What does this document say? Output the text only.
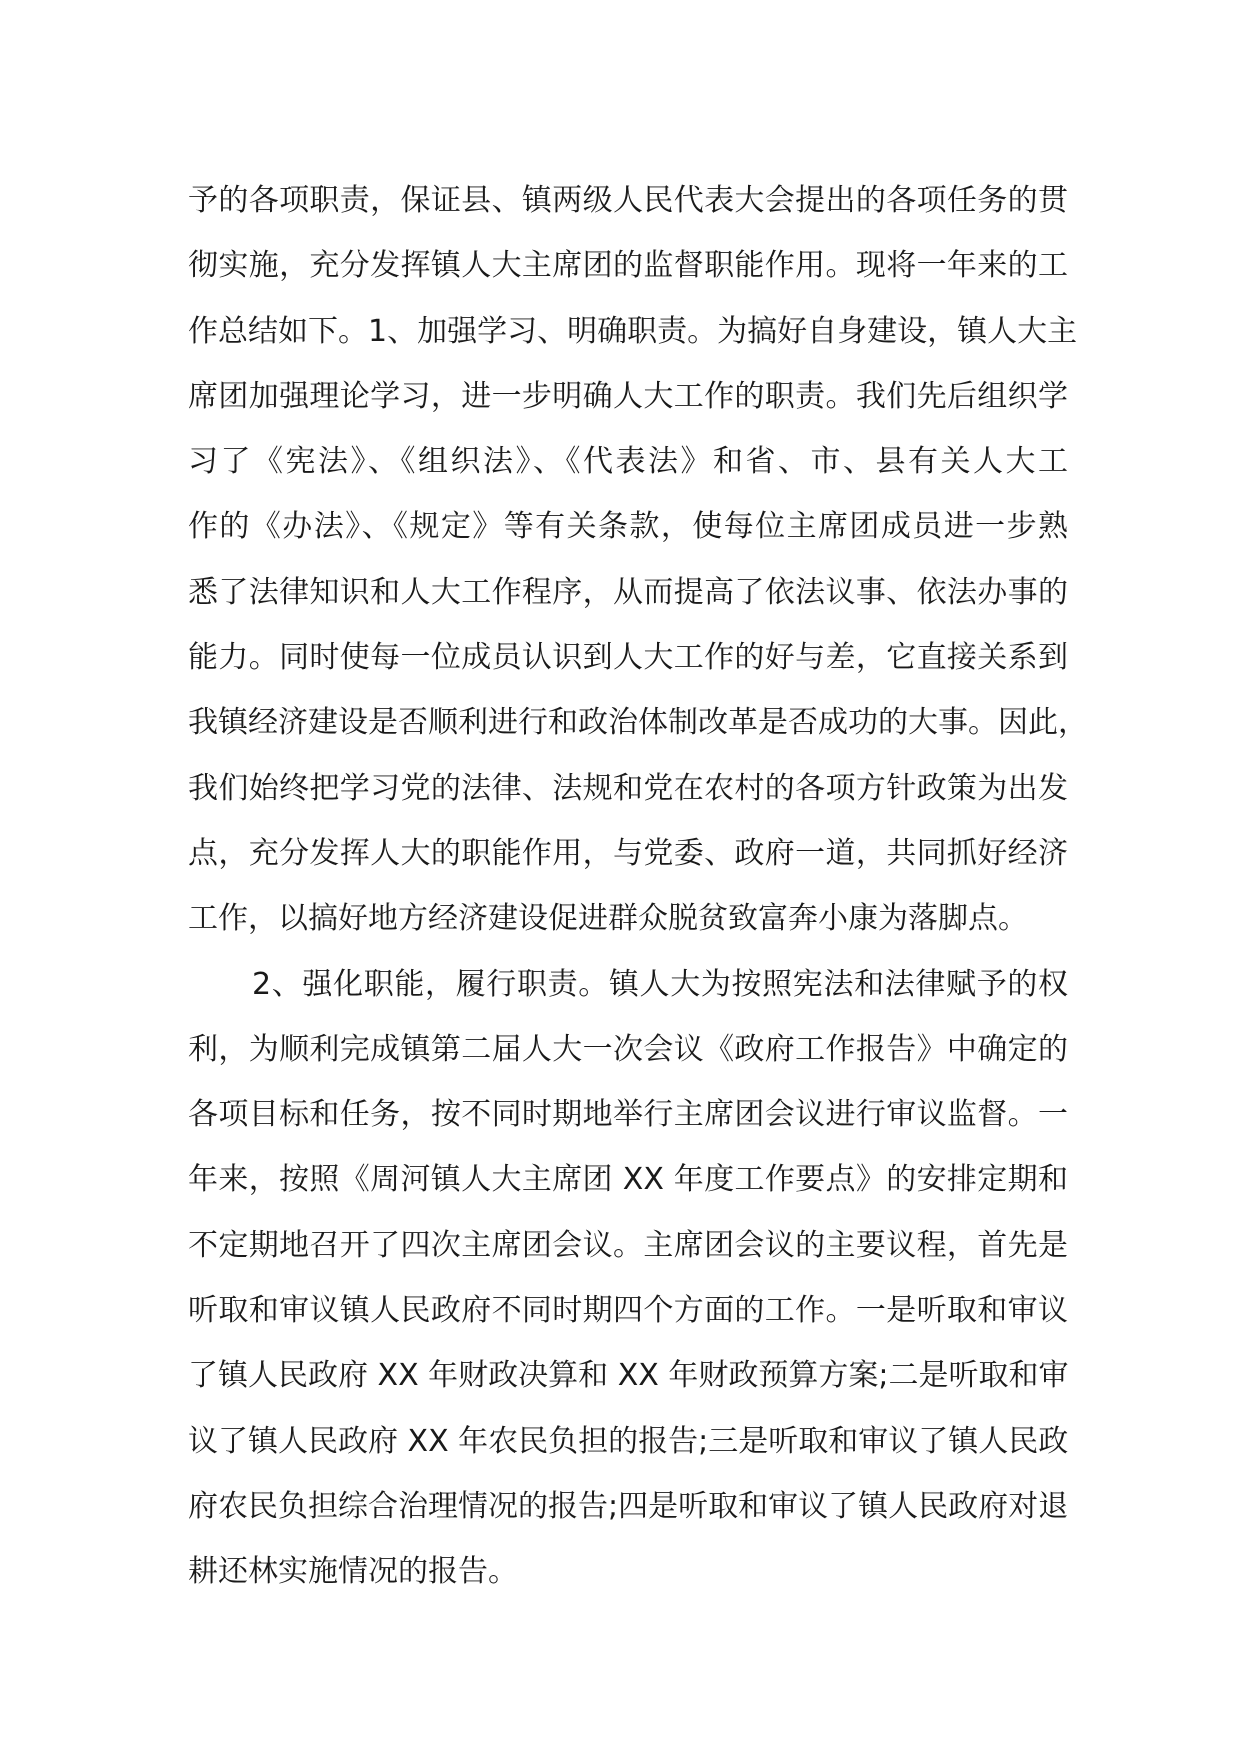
予的各项职责，保证县、镇两级人民代表大会提出的各项任务的贯
彻实施，充分发挥镇人大主席团的监督职能作用。现将一年来的工
作总结如下。1、加强学习、明确职责。为搞好自身建设，镇人大主
席团加强理论学习，进一步明确人大工作的职责。我们先后组织学
习了《宪法》、《组织法》、《代表法》和省、市、县有关人大工
作的《办法》、《规定》等有关条款，使每位主席团成员进一步熟
悉了法律知识和人大工作程序，从而提高了依法议事、依法办事的
能力。同时使每一位成员认识到人大工作的好与差，它直接关系到
我镇经济建设是否顺利进行和政治体制改革是否成功的大事。因此，
我们始终把学习党的法律、法规和党在农村的各项方针政策为出发
点，充分发挥人大的职能作用，与党委、政府一道，共同抓好经济
工作，以搞好地方经济建设促进群众脱贫致富奔小康为落脚点。
2、强化职能，履行职责。镇人大为按照宪法和法律赋予的权
利，为顺利完成镇第二届人大一次会议《政府工作报告》中确定的
各项目标和任务，按不同时期地举行主席团会议进行审议监督。一
年来，按照《周河镇人大主席团 XX 年度工作要点》的安排定期和
不定期地召开了四次主席团会议。主席团会议的主要议程，首先是
听取和审议镇人民政府不同时期四个方面的工作。一是听取和审议
了镇人民政府 XX 年财政决算和 XX 年财政预算方案;二是听取和审
议了镇人民政府 XX 年农民负担的报告;三是听取和审议了镇人民政
府农民负担综合治理情况的报告;四是听取和审议了镇人民政府对退
耕还林实施情况的报告。
